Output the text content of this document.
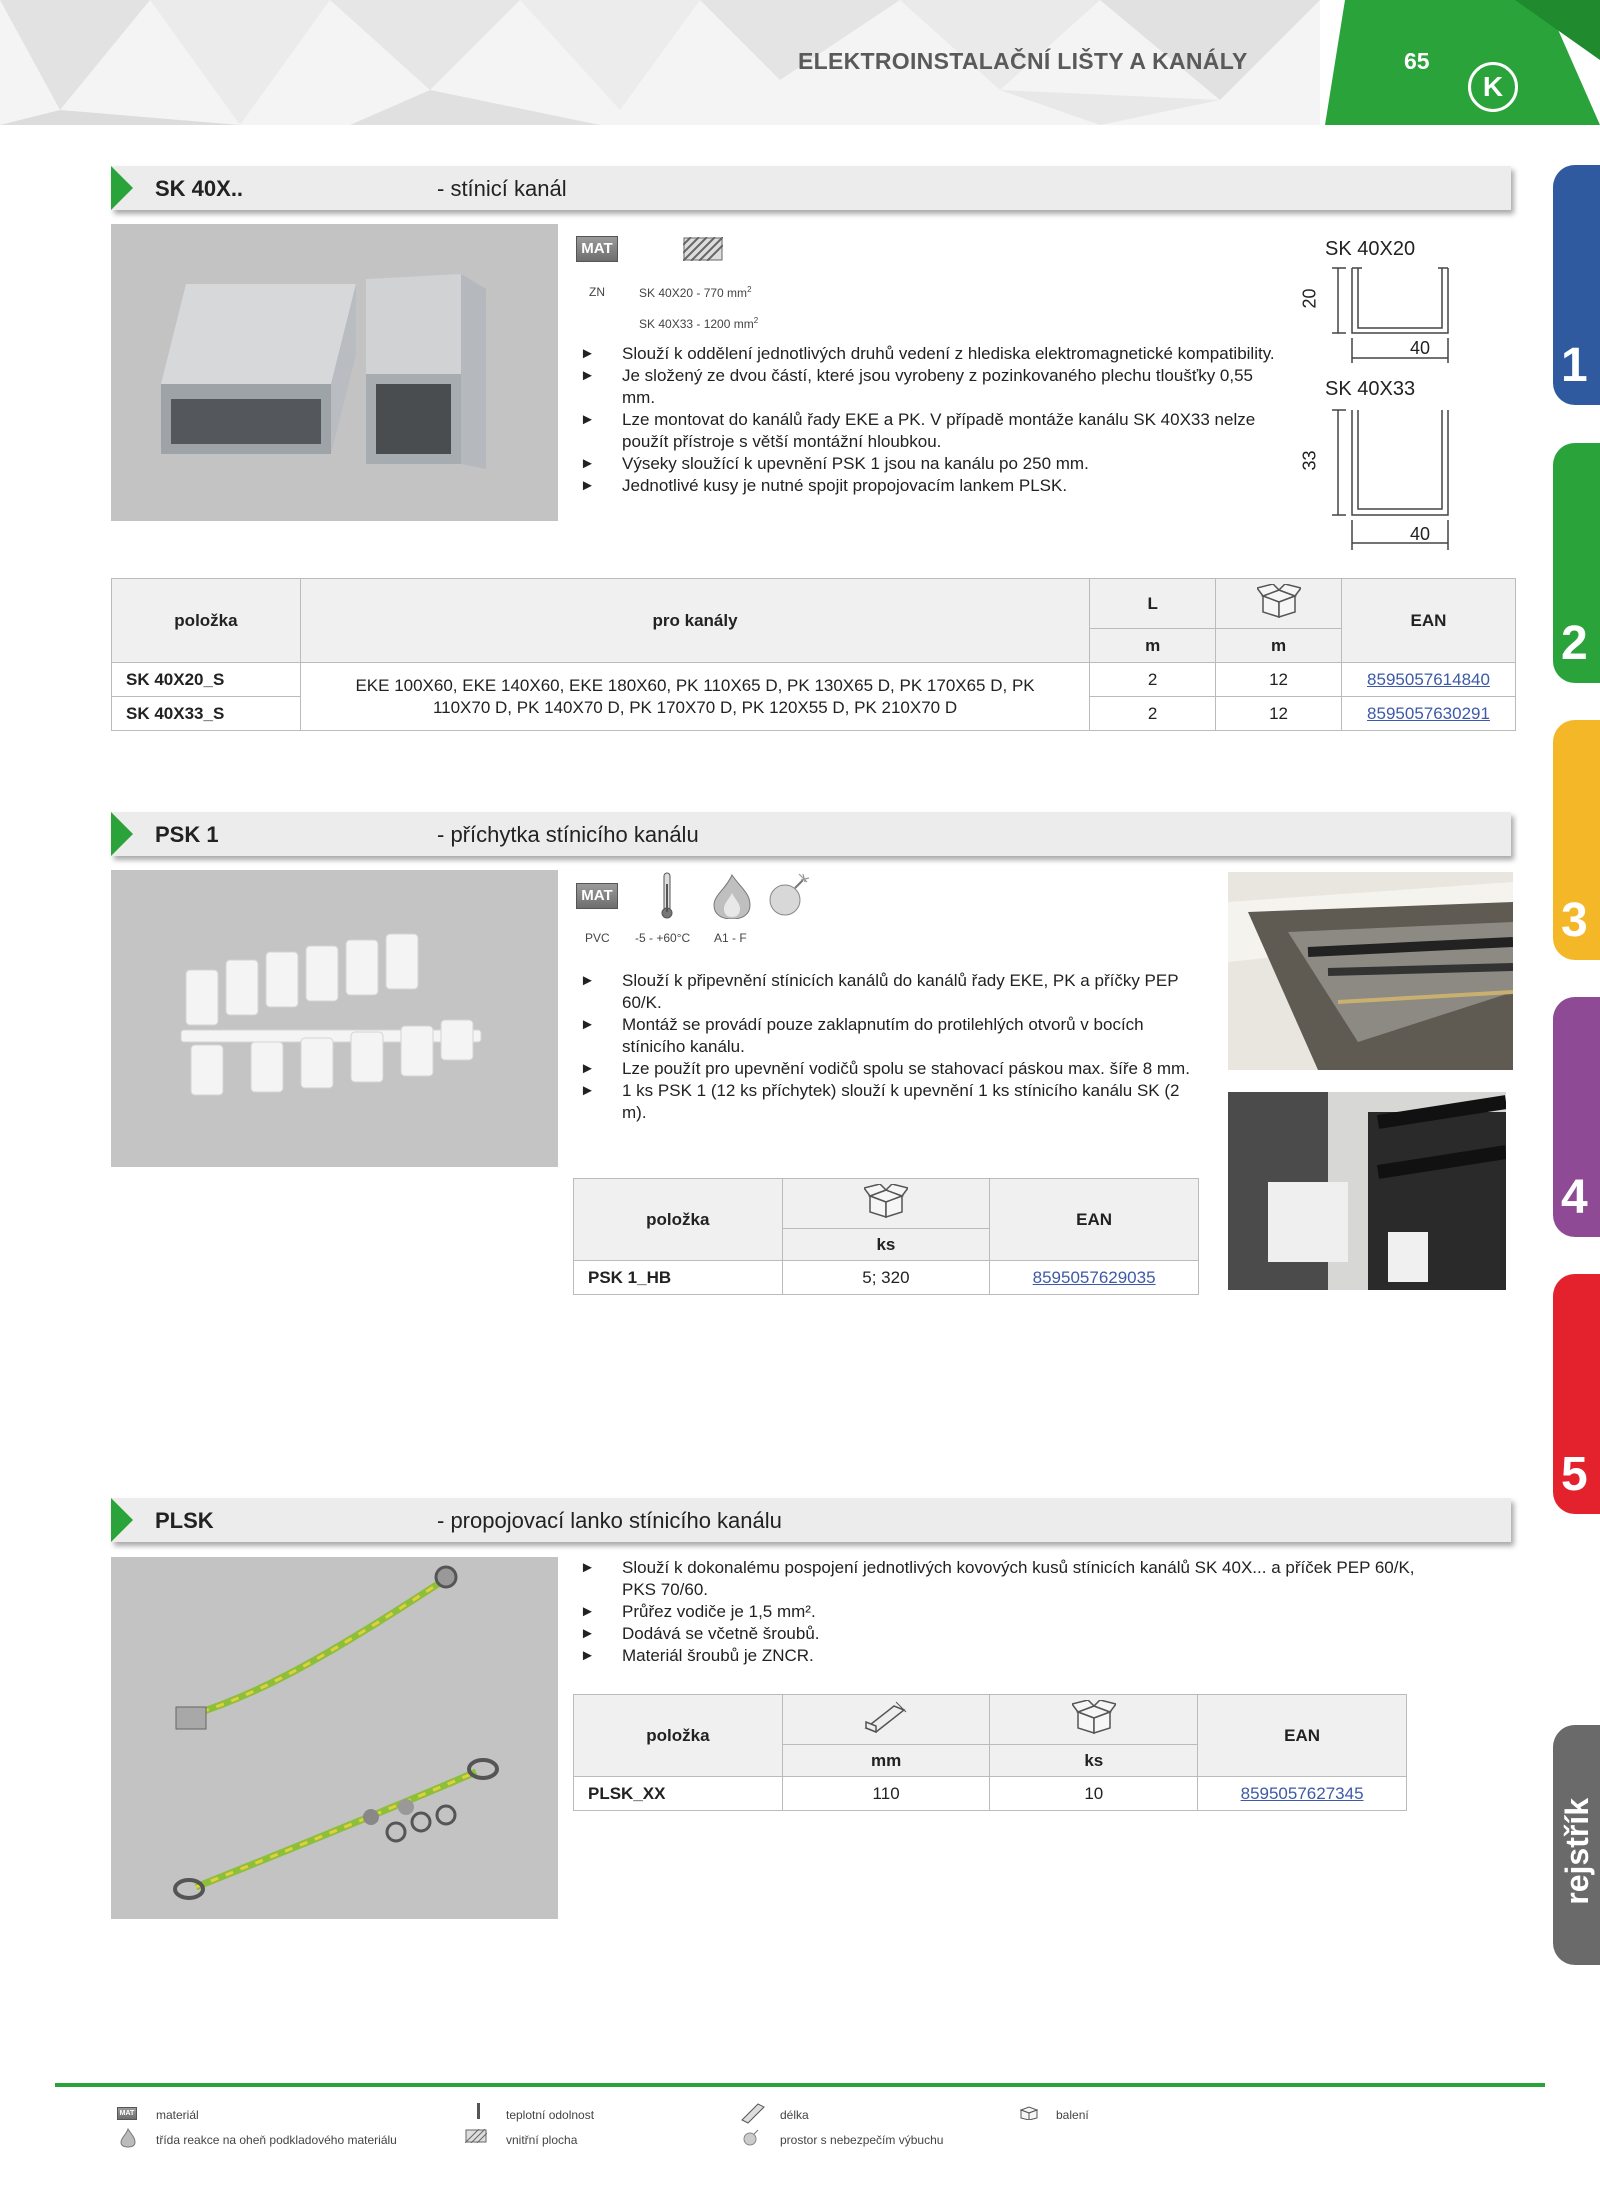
ELEKTROINSTALAČNÍ LIŠTY A KANÁLY	65
K
1
2
3
4
5
rejstřík
SK 40X..	- stínicí kanál
MAT
ZN	SK 40X20 - 770 $mm^2$
SK 40X33 - 1200 $mm^2$
► Slouží k oddělení jednotlivých druhů vedení z hlediska elektromagnetické kompatibility.
► Je složený ze dvou částí, které jsou vyrobeny z pozinkovaného plechu tloušťky 0,55 mm.
► Lze montovat do kanálů řady EKE a PK. V případě montáže kanálu SK 40X33 nelze použít přístroje s větší montážní hloubkou.
► Výseky sloužící k upevnění PSK 1 jsou na kanálu po 250 mm.
► Jednotlivé kusy je nutné spojit propojovacím lankem PLSK.
SK 40X20
20
40
SK 40X33
33
40
položka	pro kanály	L		EAN
		m	m	
SK 40X20_S	EKE 100X60, EKE 140X60, EKE 180X60, PK 110X65 D, PK 130X65 D, PK 170X65 D, PK 110X70 D, PK 140X70 D, PK 170X70 D, PK 120X55 D, PK 210X70 D	2	12	8595057614840
SK 40X33_S		2	12	8595057630291
PSK 1	- příchytka stínicího kanálu
MAT
PVC -5 - +60°C A1 - F
► Slouží k připevnění stínicích kanálů do kanálů řady EKE, PK a příčky PEP 60/K.
► Montáž se provádí pouze zaklapnutím do protilehlých otvorů v bocích stínicího kanálu.
► Lze použít pro upevnění vodičů spolu se stahovací páskou max. šíře 8 mm.
► 1 ks PSK 1 (12 ks příchytek) slouží k upevnění 1 ks stínicího kanálu SK (2 m).
položka		EAN
	ks	
PSK 1_HB	5; 320	8595057629035
PLSK	- propojovací lanko stínicího kanálu
► Slouží k dokonalému pospojení jednotlivých kovových kusů stínicích kanálů SK 40X... a příček PEP 60/K, PKS 70/60.
► Průřez vodiče je 1,5 mm².
► Dodává se včetně šroubů.
► Materiál šroubů je ZNCR.
položka			EAN
	mm	ks	
PLSK_XX	110	10	8595057627345
MAT materiál
třída reakce na oheň podkladového materiálu
teplotní odolnost
vnitřní plocha
délka
prostor s nebezpečím výbuchu
balení
